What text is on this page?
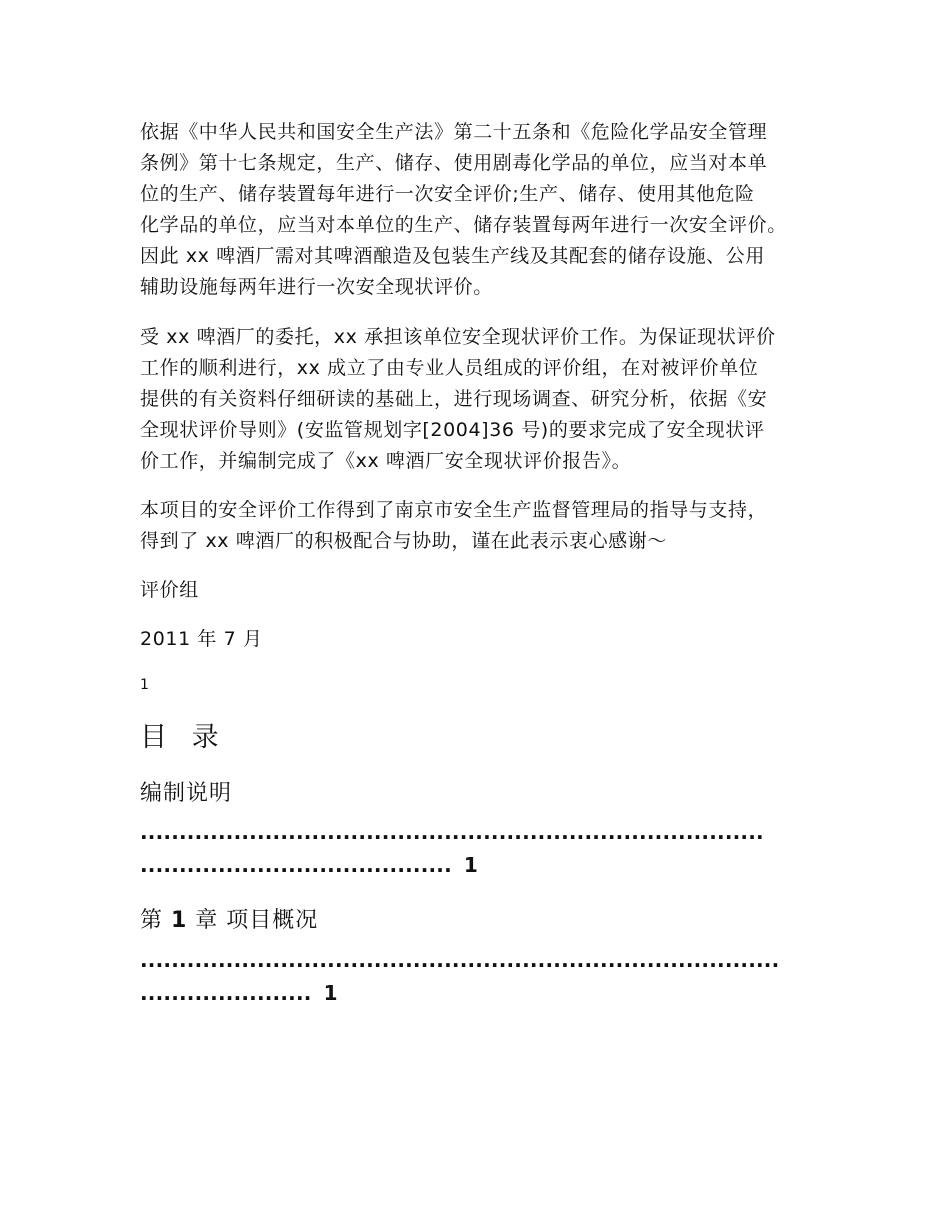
依据《中华人民共和国安全生产法》第二十五条和《危险化学品安全管理
条例》第十七条规定，生产、储存、使用剧毒化学品的单位，应当对本单
位的生产、储存装置每年进行一次安全评价;生产、储存、使用其他危险
化学品的单位，应当对本单位的生产、储存装置每两年进行一次安全评价。
因此 xx 啤酒厂需对其啤酒酿造及包装生产线及其配套的储存设施、公用
辅助设施每两年进行一次安全现状评价。
受 xx 啤酒厂的委托，xx 承担该单位安全现状评价工作。为保证现状评价
工作的顺利进行，xx 成立了由专业人员组成的评价组，在对被评价单位
提供的有关资料仔细研读的基础上，进行现场调查、研究分析，依据《安
全现状评价导则》(安监管规划字[2004]36 号)的要求完成了安全现状评
价工作，并编制完成了《xx 啤酒厂安全现状评价报告》。
本项目的安全评价工作得到了南京市安全生产监督管理局的指导与支持，
得到了 xx 啤酒厂的积极配合与协助，谨在此表示衷心感谢～
评价组
2011 年 7 月
1
目 录
编制说明
................................................................................
........................................ 1
第 1 章 项目概况
..................................................................................
...................... 1
